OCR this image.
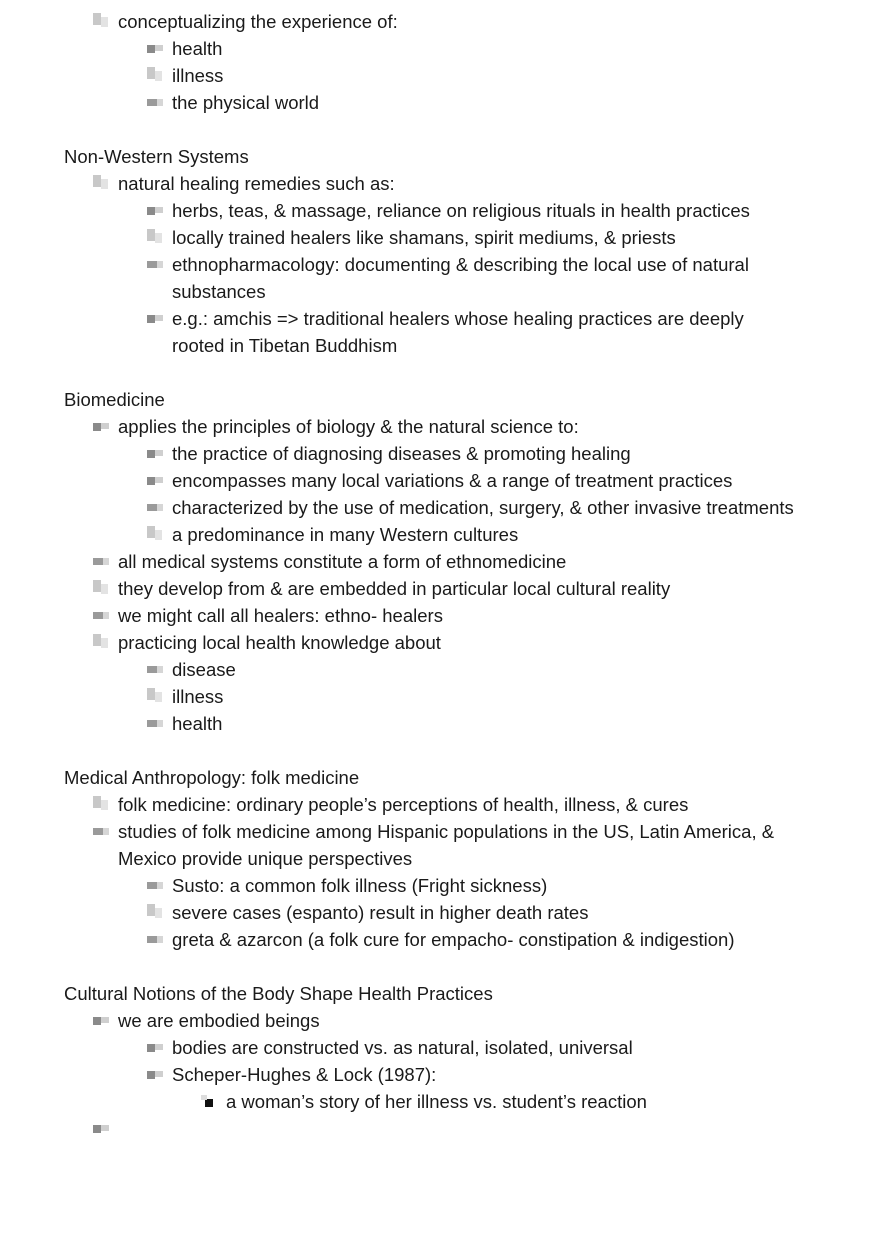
conceptualizing the experience of:
health
illness
the physical world
Non-Western Systems
natural healing remedies such as:
herbs, teas, & massage, reliance on religious rituals in health practices
locally trained healers like shamans, spirit mediums, & priests
ethnopharmacology: documenting & describing the local use of natural substances
e.g.: amchis => traditional healers whose healing practices are deeply rooted in Tibetan Buddhism
Biomedicine
applies the principles of biology & the natural science to:
the practice of diagnosing diseases & promoting healing
encompasses many local variations & a range of treatment practices
characterized by the use of medication, surgery, & other invasive treatments
a predominance in many Western cultures
all medical systems constitute a form of ethnomedicine
they develop from & are embedded in particular local cultural reality
we might call all healers: ethno- healers
practicing local health knowledge about
disease
illness
health
Medical Anthropology: folk medicine
folk medicine: ordinary people’s perceptions of health, illness, & cures
studies of folk medicine among Hispanic populations in the US, Latin America, & Mexico provide unique perspectives
Susto: a common folk illness (Fright sickness)
severe cases (espanto) result in higher death rates
greta & azarcon (a folk cure for empacho- constipation & indigestion)
Cultural Notions of the Body Shape Health Practices
we are embodied beings
bodies are constructed vs. as natural, isolated, universal
Scheper-Hughes & Lock (1987):
a woman’s story of her illness vs. student’s reaction
